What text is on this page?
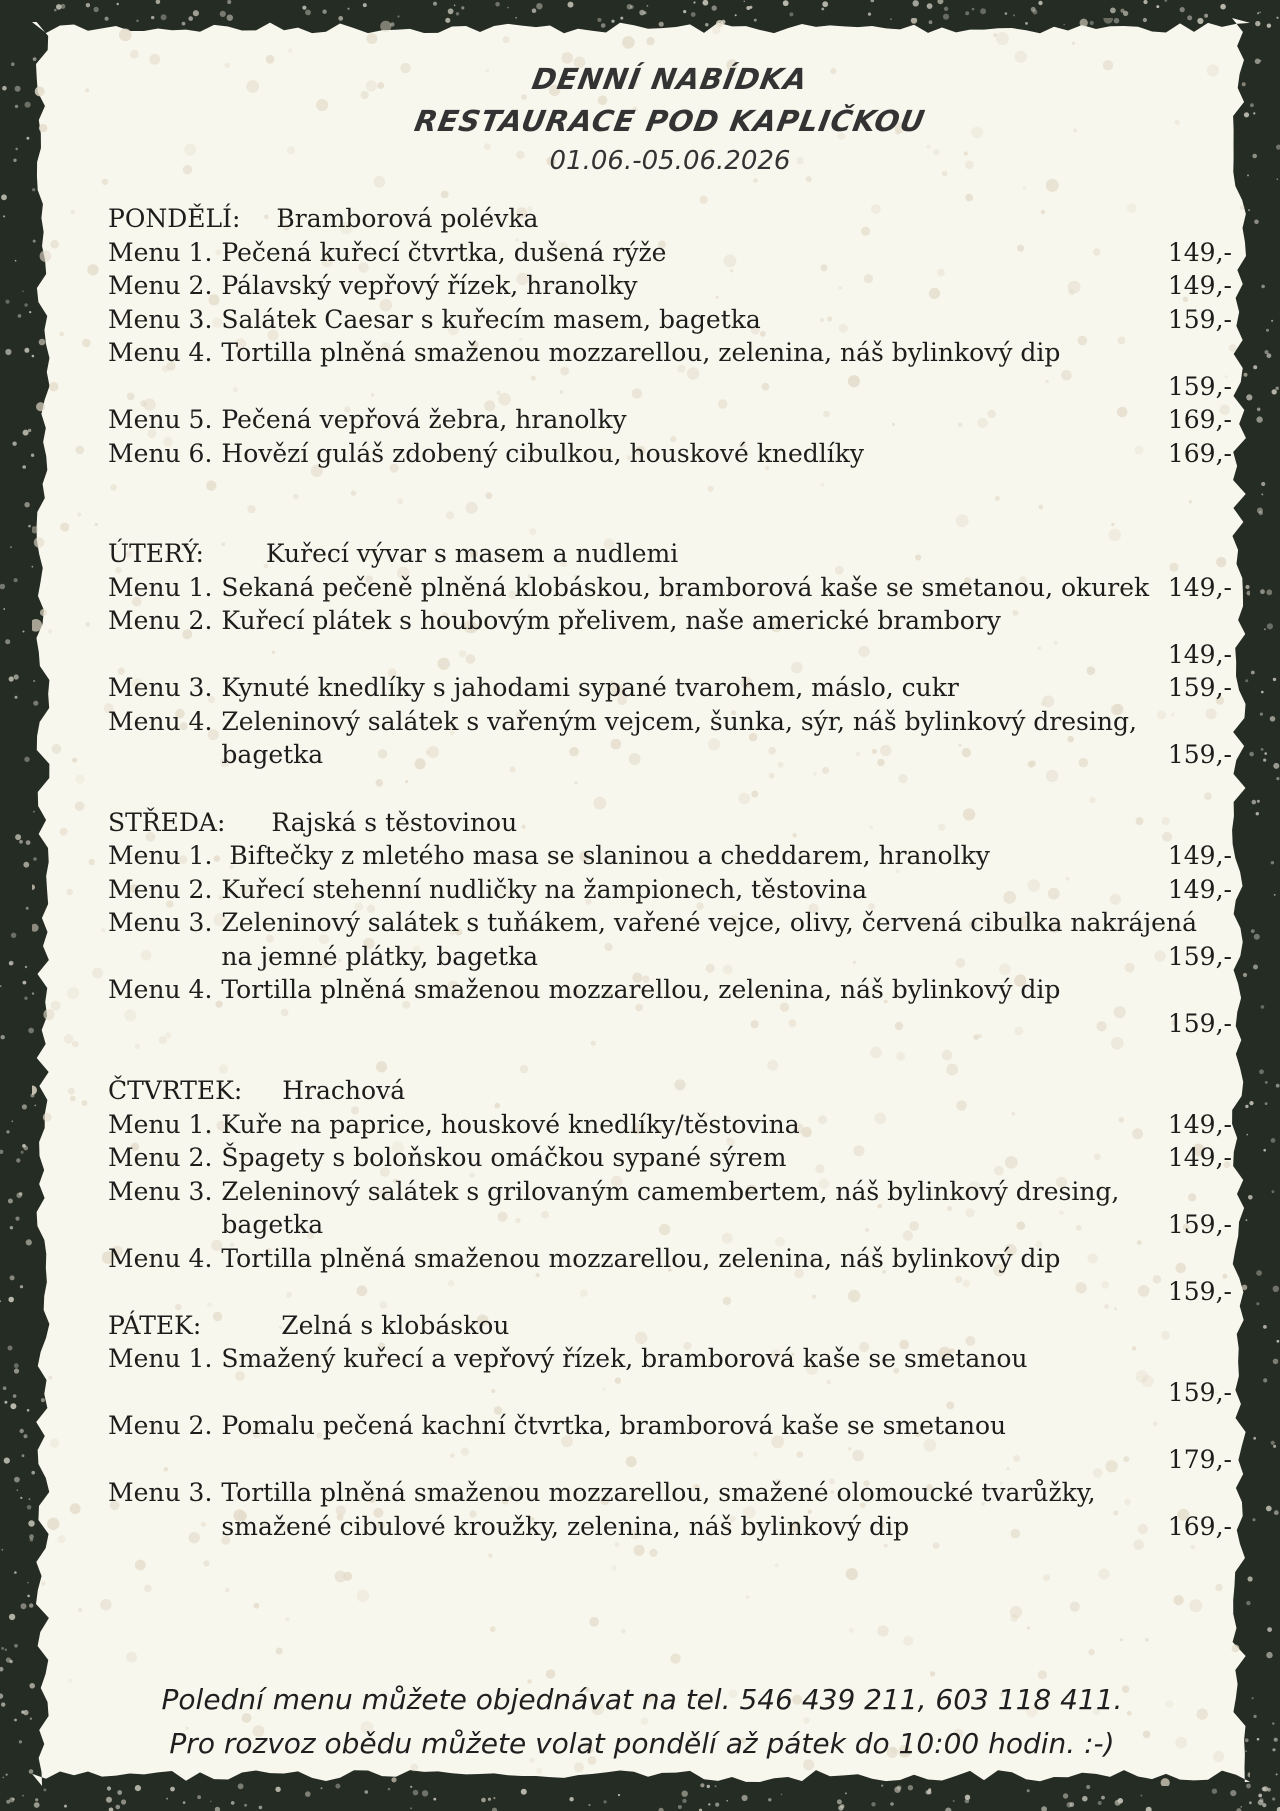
DENNÍ NABÍDKA
RESTAURACE POD KAPLIČKOU
01.06.-05.06.2026
PONDĚLÍ: Bramborová polévka
Menu 1. Pečená kuřecí čtvrtka, dušená rýže	149,-
Menu 2. Pálavský vepřový řízek, hranolky	149,-
Menu 3. Salátek Caesar s kuřecím masem, bagetka	159,-
Menu 4. Tortilla plněná smaženou mozzarellou, zelenina, náš bylinkový dip

159,-
Menu 5. Pečená vepřová žebra, hranolky	169,-
Menu 6. Hovězí guláš zdobený cibulkou, houskové knedlíky	169,-
ÚTERÝ: Kuřecí vývar s masem a nudlemi
Menu 1. Sekaná pečeně plněná klobáskou, bramborová kaše se smetanou, okurek 149,-
Menu 2. Kuřecí plátek s houbovým přelivem, naše americké brambory

149,-
Menu 3. Kynuté knedlíky s jahodami sypané tvarohem, máslo, cukr	159,-
Menu 4. Zeleninový salátek s vařeným vejcem, šunka, sýr, náš bylinkový dresing, bagetka	159,-
STŘEDA: Rajská s těstovinou
Menu 1. Biftečky z mletého masa se slaninou a cheddarem, hranolky	149,-
Menu 2. Kuřecí stehenní nudličky na žampionech, těstovina	149,-
Menu 3. Zeleninový salátek s tuňákem, vařené vejce, olivy, červená cibulka nakrájená na jemné plátky, bagetka	159,-
Menu 4. Tortilla plněná smaženou mozzarellou, zelenina, náš bylinkový dip

159,-
ČTVRTEK: Hrachová
Menu 1. Kuře na paprice, houskové knedlíky/těstovina	149,-
Menu 2. Špagety s boloňskou omáčkou sypané sýrem	149,-
Menu 3. Zeleninový salátek s grilovaným camembertem, náš bylinkový dresing, bagetka	159,-
Menu 4. Tortilla plněná smaženou mozzarellou, zelenina, náš bylinkový dip

159,-
PÁTEK:	Zelná s klobáskou
Menu 1. Smažený kuřecí a vepřový řízek, bramborová kaše se smetanou

159,-
Menu 2. Pomalu pečená kachní čtvrtka, bramborová kaše se smetanou

179,-
Menu 3. Tortilla plněná smaženou mozzarellou, smažené olomoucké tvarůžky, smažené cibulové kroužky, zelenina, náš bylinkový dip	169,-
Polední menu můžete objednávat na tel. 546 439 211, 603 118 411.
Pro rozvoz obědu můžete volat pondělí až pátek do 10:00 hodin. :-)
